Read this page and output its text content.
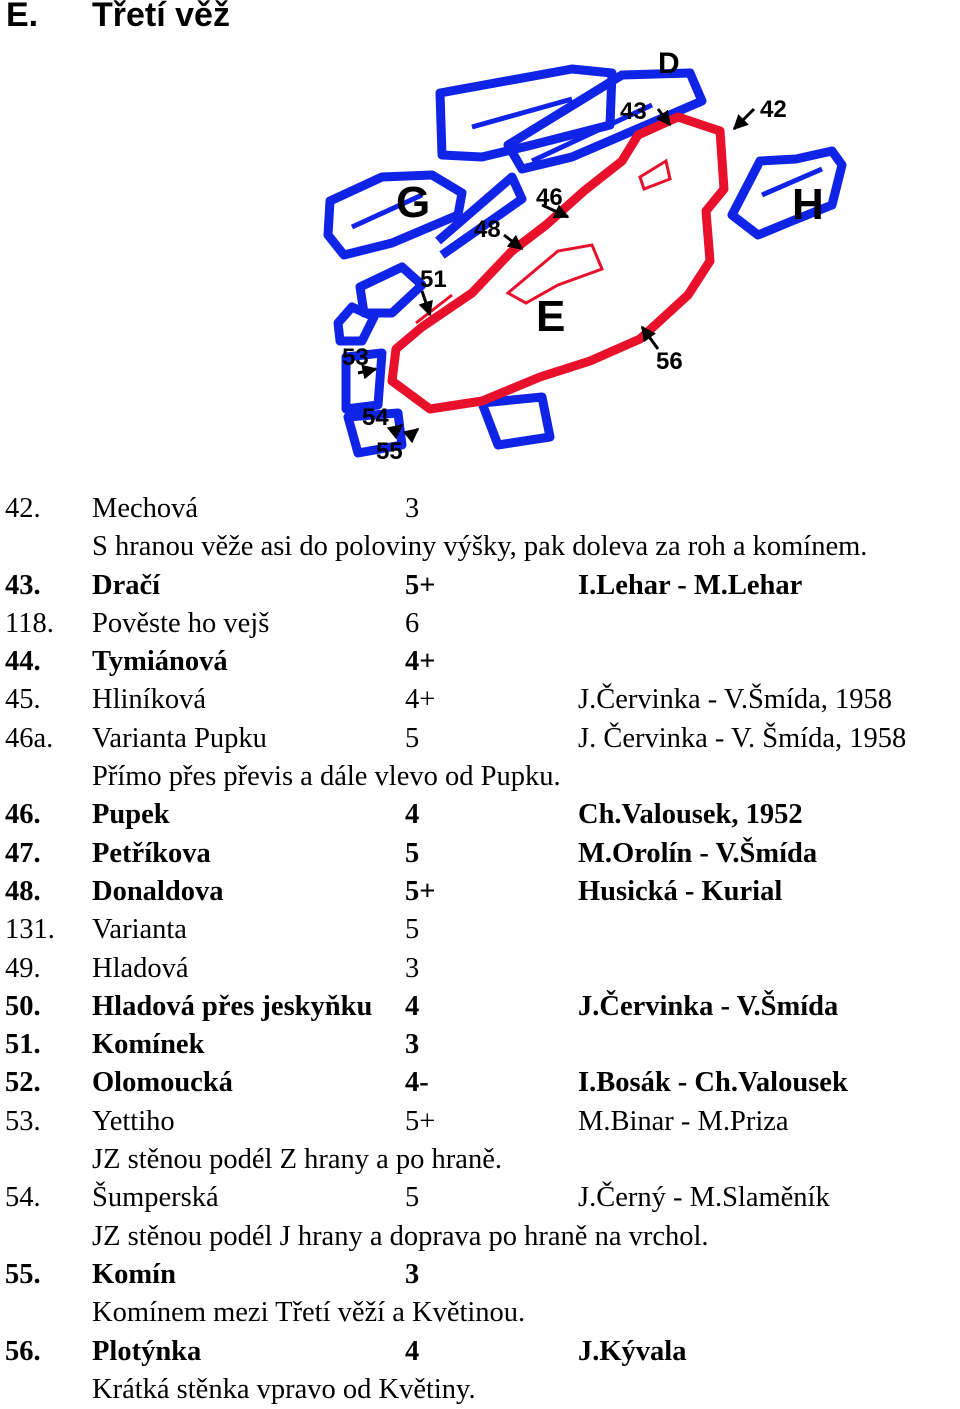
E. Třetí věž
G
E
H
D
42
43
46
48
51
53
54
55
56
42. Mechová	3
S hranou věže asi do poloviny výšky, pak doleva za roh a komínem.
43. Dračí	5+	I.Lehar - M.Lehar
118. Pověste ho vejš	6
44. Tymiánová	4+
45. Hliníková	4+	J.Červinka - V.Šmída, 1958
46a. Varianta Pupku	5	J. Červinka - V. Šmída, 1958
Přímo přes převis a dále vlevo od Pupku.
46. Pupek	4	Ch.Valousek, 1952
47. Petříkova	5	M.Orolín - V.Šmída
48. Donaldova	5+	Husická - Kurial
131. Varianta	5
49. Hladová	3
50. Hladová přes jeskyňku 4	J.Červinka - V.Šmída
51. Komínek	3
52. Olomoucká	4-	I.Bosák - Ch.Valousek
53. Yettiho	5+	M.Binar - M.Priza
JZ stěnou podél Z hrany a po hraně.
54. Šumperská	5	J.Černý - M.Slaměník
JZ stěnou podél J hrany a doprava po hraně na vrchol.
55. Komín	3
Komínem mezi Třetí věží a Květinou.
56. Plotýnka	4	J.Kývala
Krátká stěnka vpravo od Květiny.
